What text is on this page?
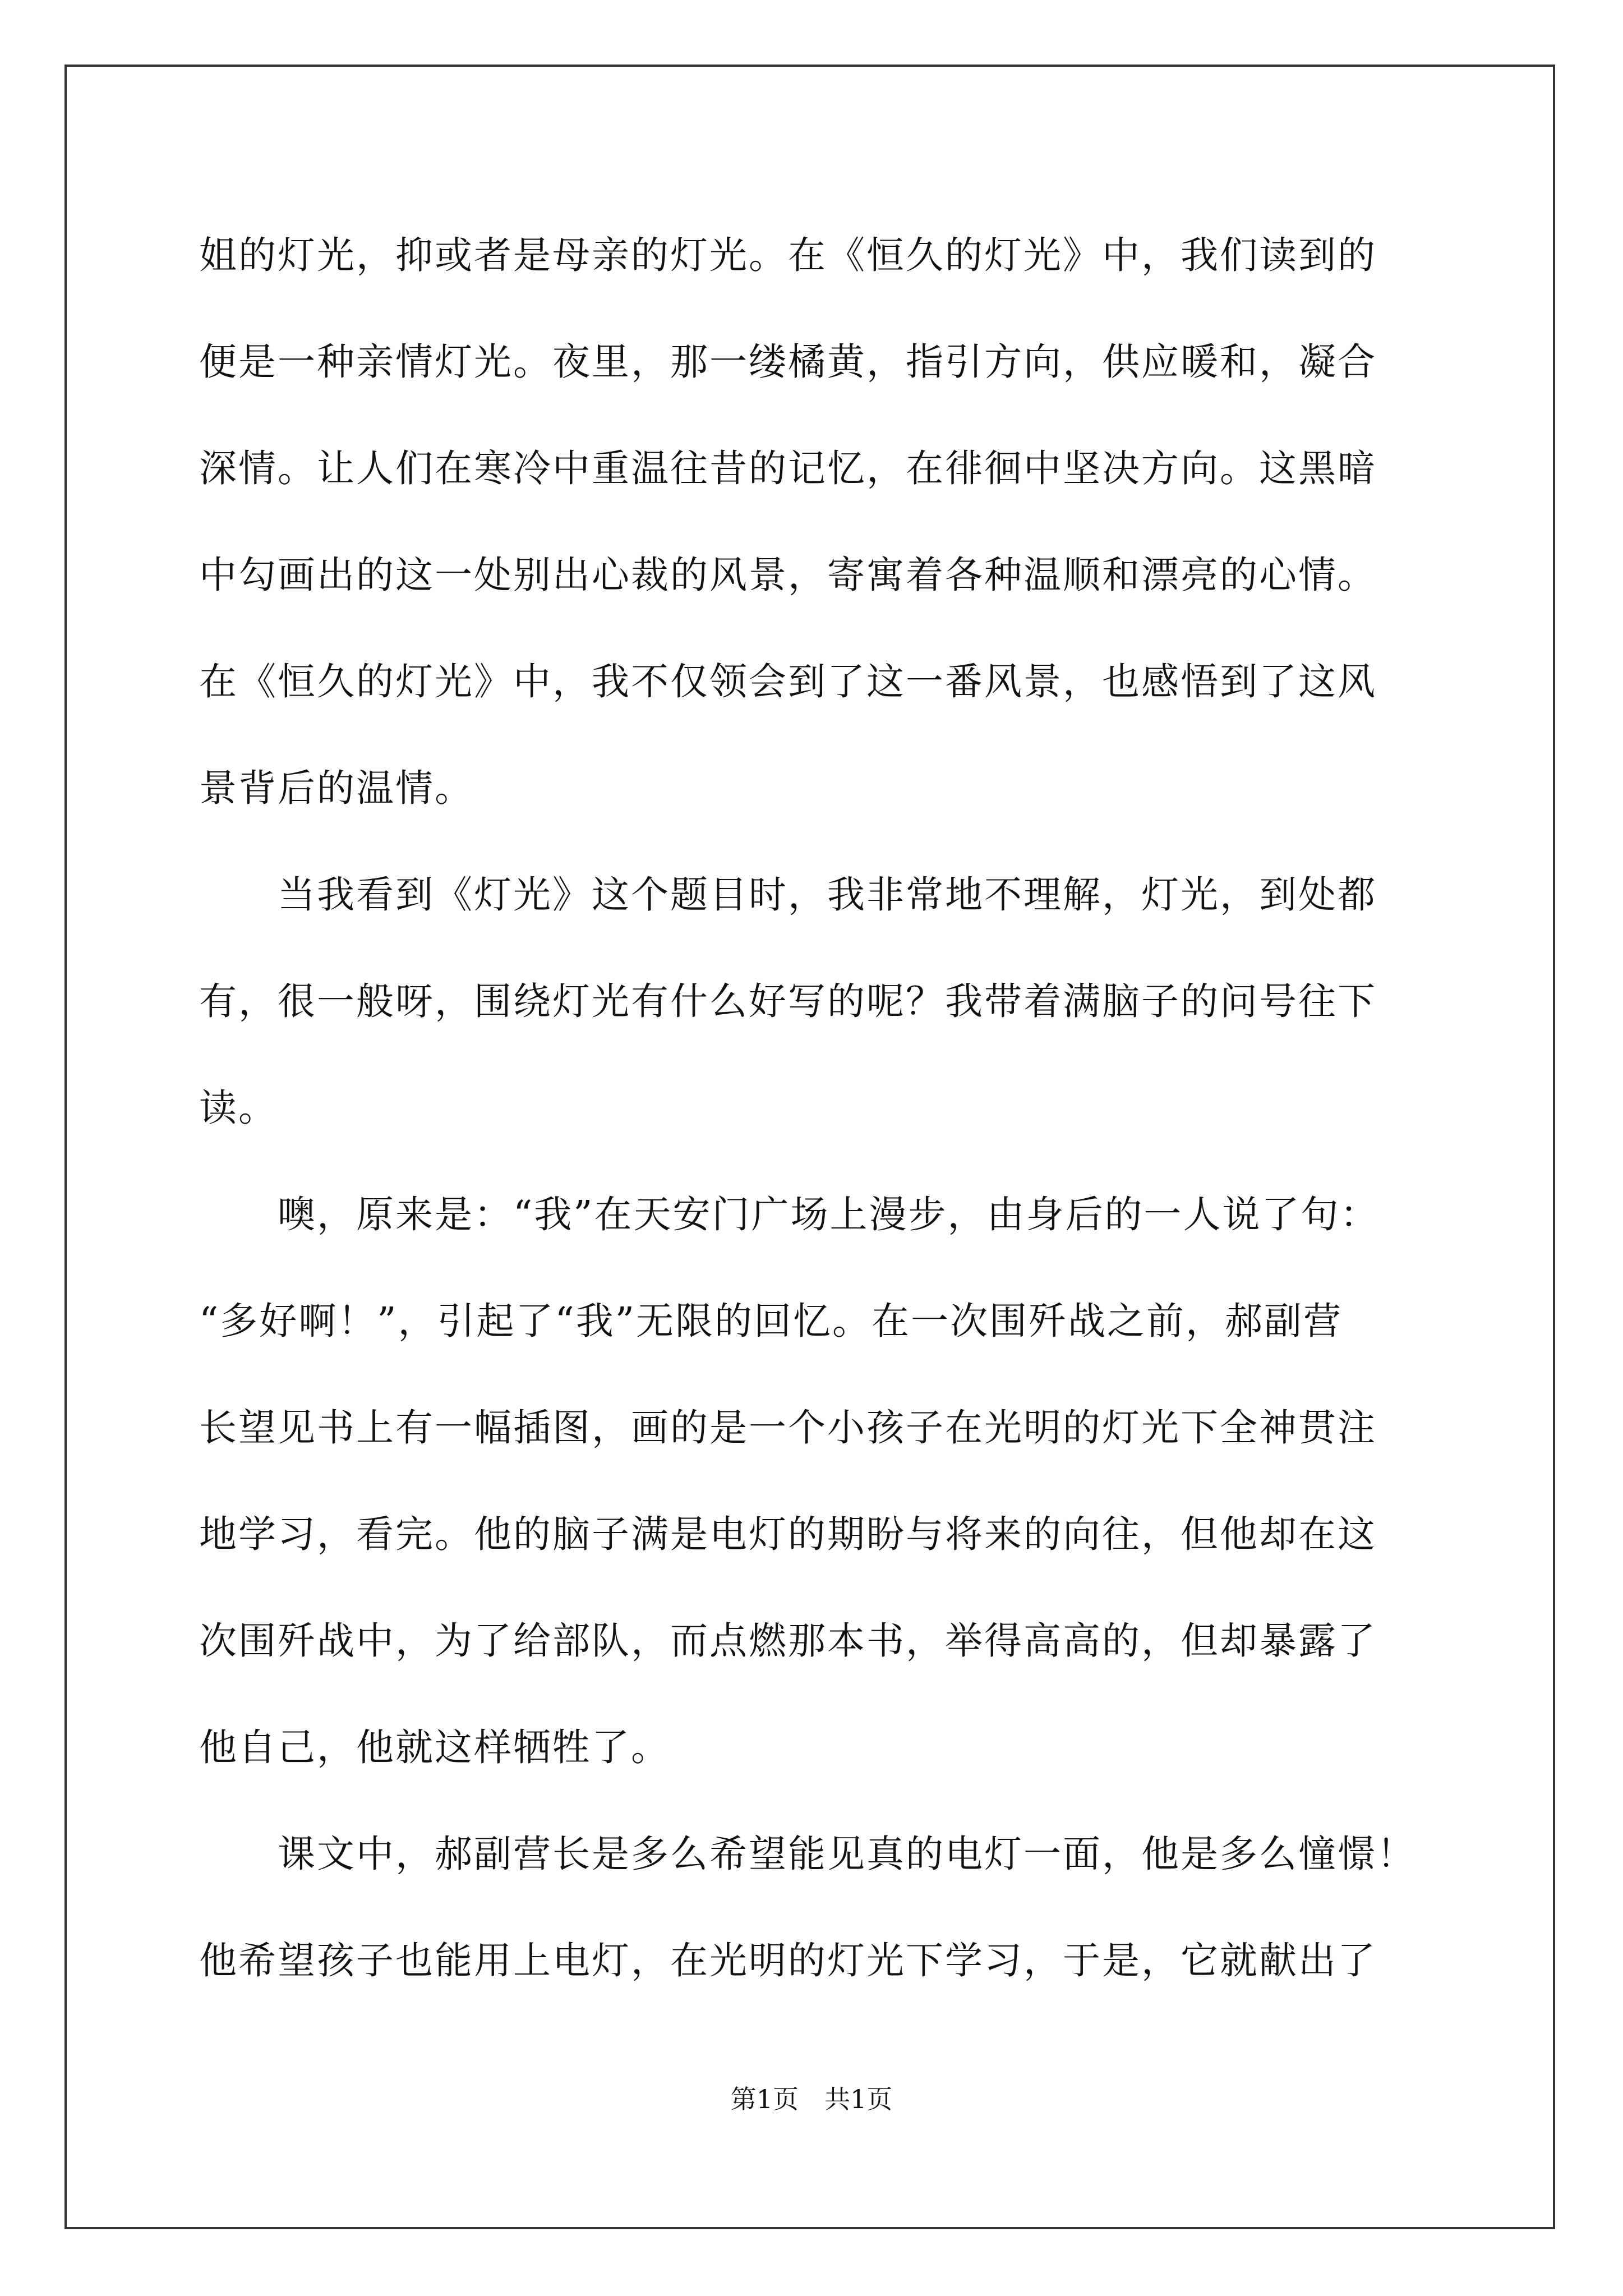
姐的灯光，抑或者是母亲的灯光。在《恒久的灯光》中，我们读到的
便是一种亲情灯光。夜里，那一缕橘黄，指引方向，供应暖和，凝合
深情。让人们在寒冷中重温往昔的记忆，在徘徊中坚决方向。这黑暗
中勾画出的这一处别出心裁的风景，寄寓着各种温顺和漂亮的心情。
在《恒久的灯光》中，我不仅领会到了这一番风景，也感悟到了这风
景背后的温情。
　　当我看到《灯光》这个题目时，我非常地不理解，灯光，到处都
有，很一般呀，围绕灯光有什么好写的呢？我带着满脑子的问号往下
读。
　　噢，原来是：“我”在天安门广场上漫步，由身后的一人说了句：
“多好啊！”，引起了“我”无限的回忆。在一次围歼战之前，郝副营
长望见书上有一幅插图，画的是一个小孩子在光明的灯光下全神贯注
地学习，看完。他的脑子满是电灯的期盼与将来的向往，但他却在这
次围歼战中，为了给部队，而点燃那本书，举得高高的，但却暴露了
他自己，他就这样牺牲了。
　　课文中，郝副营长是多么希望能见真的电灯一面，他是多么憧憬！
他希望孩子也能用上电灯，在光明的灯光下学习，于是，它就献出了
第1页　共1页
